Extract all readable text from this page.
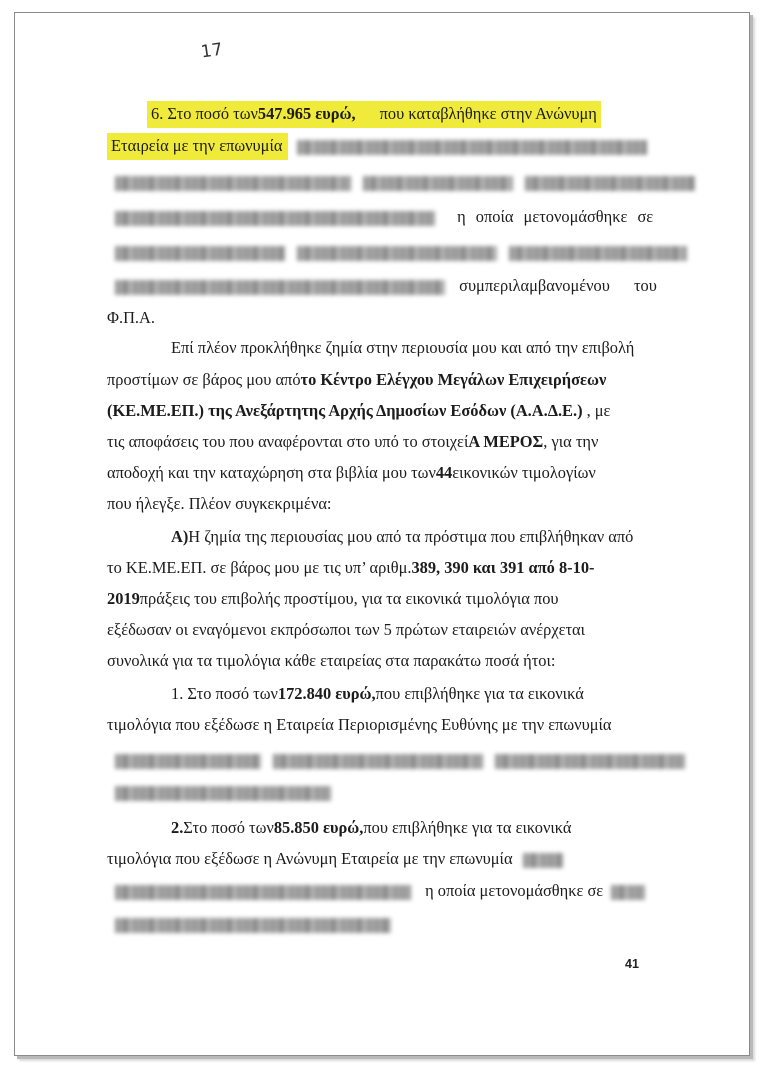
17
6. Στο ποσό των547.965 ευρώ, που καταβλήθηκε στην Ανώνυμη
Εταιρεία με την επωνυμία

η οποία μετονομάσθηκε σε

συμπεριλαμβανομένου του
Φ.Π.Α.
Επί πλέον προκλήθηκε ζημία στην περιουσία μου και από την επιβολή
προστίμων σε βάρος μου απότο Κέντρο Ελέγχου Μεγάλων Επιχειρήσεων
(ΚΕ.ΜΕ.ΕΠ.) της Ανεξάρτητης Αρχής Δημοσίων Εσόδων (Α.Α.Δ.Ε.) , με
τις αποφάσεις του που αναφέρονται στο υπό το στοιχείΑ ΜΕΡΟΣ, για την
αποδοχή και την καταχώρηση στα βιβλία μου των44εικονικών τιμολογίων
που ήλεγξε. Πλέον συγκεκριμένα:
Α)Η ζημία της περιουσίας μου από τα πρόστιμα που επιβλήθηκαν από
το ΚΕ.ΜΕ.ΕΠ. σε βάρος μου με τις υπ’ αριθμ.389, 390 και 391 από 8-10-
2019πράξεις του επιβολής προστίμου, για τα εικονικά τιμολόγια που
εξέδωσαν οι εναγόμενοι εκπρόσωποι των 5 πρώτων εταιρειών ανέρχεται
συνολικά για τα τιμολόγια κάθε εταιρείας στα παρακάτω ποσά ήτοι:
1. Στο ποσό των172.840 ευρώ,που επιβλήθηκε για τα εικονικά
τιμολόγια που εξέδωσε η Εταιρεία Περιορισμένης Ευθύνης με την επωνυμία

2.Στο ποσό των85.850 ευρώ,που επιβλήθηκε για τα εικονικά
τιμολόγια που εξέδωσε η Ανώνυμη Εταιρεία με την επωνυμία
η οποία μετονομάσθηκε σε
41
